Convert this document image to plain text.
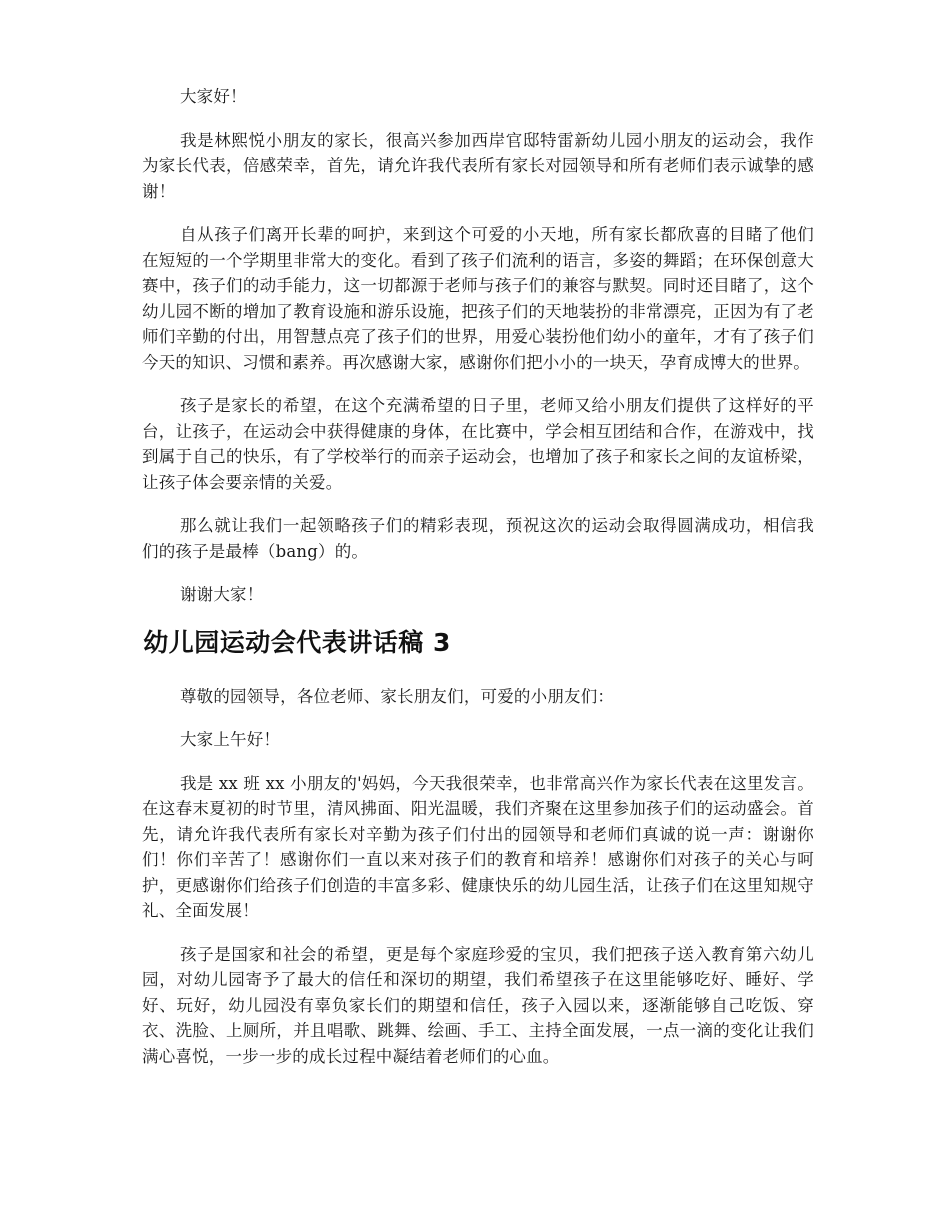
大家好！

我是林熙悦小朋友的家长，很高兴参加西岸官邸特雷新幼儿园小朋友的运动会，我作为家长代表，倍感荣幸，首先，请允许我代表所有家长对园领导和所有老师们表示诚挚的感谢！

自从孩子们离开长辈的呵护，来到这个可爱的小天地，所有家长都欣喜的目睹了他们在短短的一个学期里非常大的变化。看到了孩子们流利的语言，多姿的舞蹈；在环保创意大赛中，孩子们的动手能力，这一切都源于老师与孩子们的兼容与默契。同时还目睹了，这个幼儿园不断的增加了教育设施和游乐设施，把孩子们的天地装扮的非常漂亮，正因为有了老师们辛勤的付出，用智慧点亮了孩子们的世界，用爱心装扮他们幼小的童年，才有了孩子们今天的知识、习惯和素养。再次感谢大家，感谢你们把小小的一块天，孕育成博大的世界。

孩子是家长的希望，在这个充满希望的日子里，老师又给小朋友们提供了这样好的平台，让孩子，在运动会中获得健康的身体，在比赛中，学会相互团结和合作，在游戏中，找到属于自己的快乐，有了学校举行的而亲子运动会，也增加了孩子和家长之间的友谊桥梁，让孩子体会要亲情的关爱。

那么就让我们一起领略孩子们的精彩表现，预祝这次的运动会取得圆满成功，相信我们的孩子是最棒（bang）的。

谢谢大家！

幼儿园运动会代表讲话稿 3

尊敬的园领导，各位老师、家长朋友们，可爱的小朋友们：

大家上午好！

我是 xx 班 xx 小朋友的'妈妈，今天我很荣幸，也非常高兴作为家长代表在这里发言。在这春末夏初的时节里，清风拂面、阳光温暖，我们齐聚在这里参加孩子们的运动盛会。首先，请允许我代表所有家长对辛勤为孩子们付出的园领导和老师们真诚的说一声：谢谢你们！你们辛苦了！感谢你们一直以来对孩子们的教育和培养！感谢你们对孩子的关心与呵护，更感谢你们给孩子们创造的丰富多彩、健康快乐的幼儿园生活，让孩子们在这里知规守礼、全面发展！

孩子是国家和社会的希望，更是每个家庭珍爱的宝贝，我们把孩子送入教育第六幼儿园，对幼儿园寄予了最大的信任和深切的期望，我们希望孩子在这里能够吃好、睡好、学好、玩好，幼儿园没有辜负家长们的期望和信任，孩子入园以来，逐渐能够自己吃饭、穿衣、洗脸、上厕所，并且唱歌、跳舞、绘画、手工、主持全面发展，一点一滴的变化让我们满心喜悦，一步一步的成长过程中凝结着老师们的心血。
